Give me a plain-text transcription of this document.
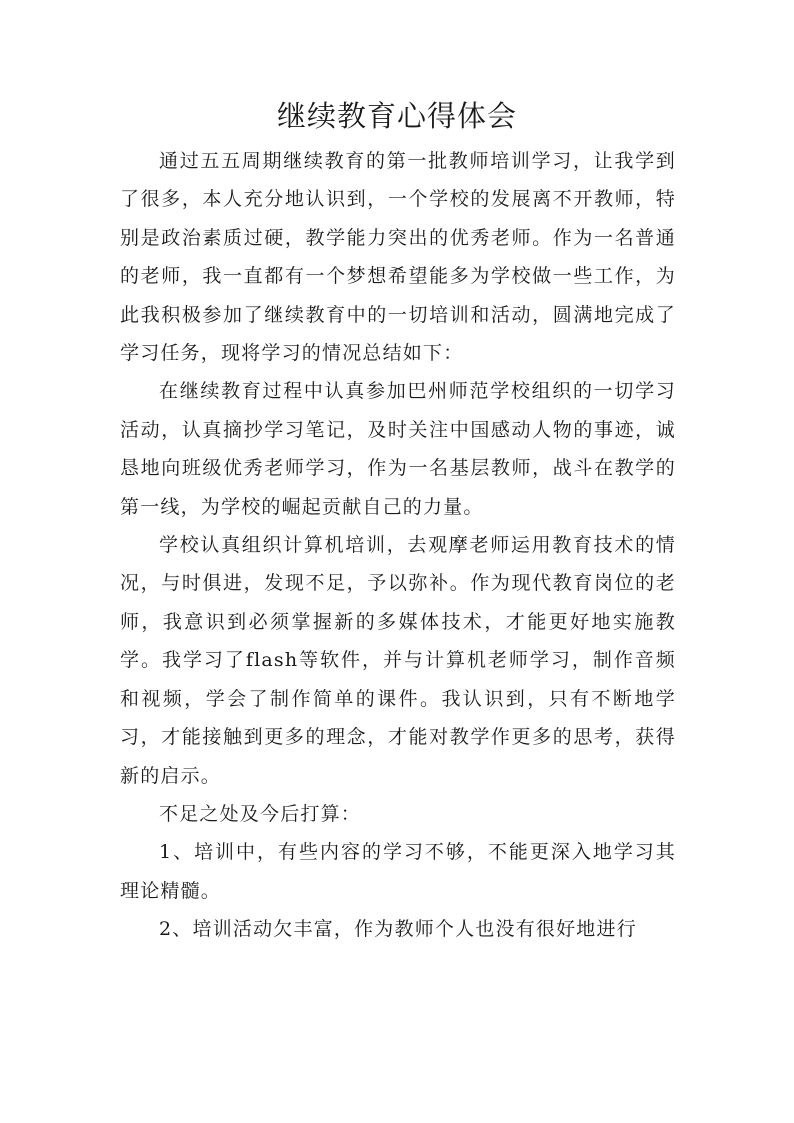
继续教育心得体会

通过五五周期继续教育的第一批教师培训学习，让我学到了很多，本人充分地认识到，一个学校的发展离不开教师，特别是政治素质过硬，教学能力突出的优秀老师。作为一名普通的老师，我一直都有一个梦想希望能多为学校做一些工作，为此我积极参加了继续教育中的一切培训和活动，圆满地完成了学习任务，现将学习的情况总结如下：

在继续教育过程中认真参加巴州师范学校组织的一切学习活动，认真摘抄学习笔记，及时关注中国感动人物的事迹，诚恳地向班级优秀老师学习，作为一名基层教师，战斗在教学的第一线，为学校的崛起贡献自己的力量。

学校认真组织计算机培训，去观摩老师运用教育技术的情况，与时俱进，发现不足，予以弥补。作为现代教育岗位的老师，我意识到必须掌握新的多媒体技术，才能更好地实施教学。我学习了flash等软件，并与计算机老师学习，制作音频和视频，学会了制作简单的课件。我认识到，只有不断地学习，才能接触到更多的理念，才能对教学作更多的思考，获得新的启示。

不足之处及今后打算：

1、培训中，有些内容的学习不够，不能更深入地学习其理论精髓。

2、培训活动欠丰富，作为教师个人也没有很好地进行
